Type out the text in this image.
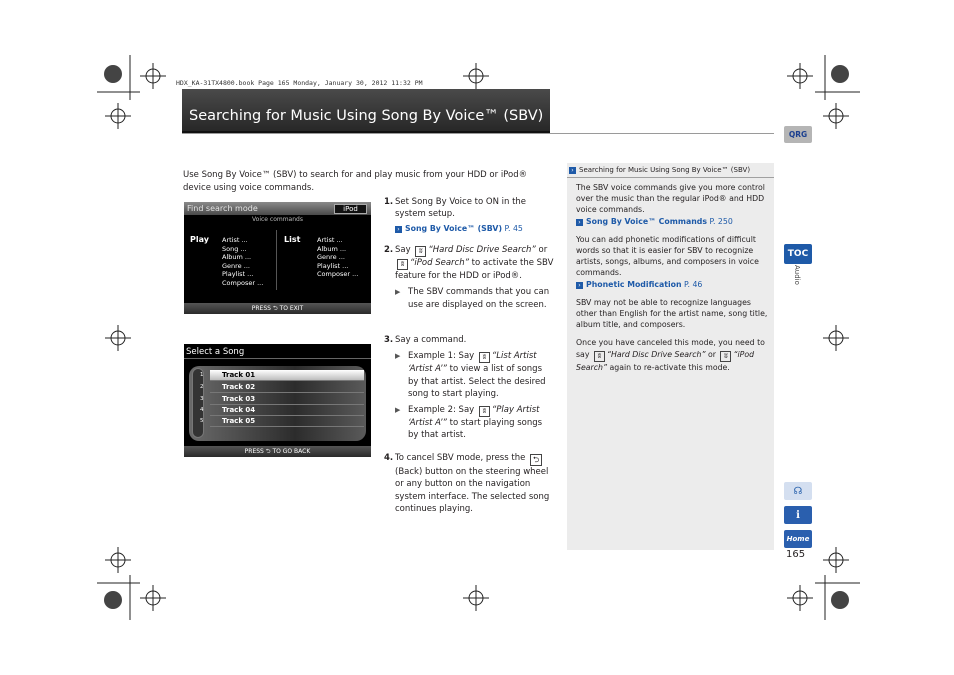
HDX_KA-31TX4800.book Page 165 Monday, January 30, 2012 11:32 PM
Searching for Music Using Song By Voice™ (SBV)
QRG
TOC
Audio
☊
i
Home
165
Use Song By Voice™ (SBV) to search for and play music from your HDD or iPod® device using voice commands.
Find search mode	iPod
Voice commands
Play Artist ...
Song ...
Album ...
Genre ...
Playlist ...
Composer ...
List	Artist ...
Album ...
Genre ...
Playlist ...
Composer ...
PRESS ⮌ TO EXIT
Select a Song
1	Track 01
2	Track 02
3	Track 03
4	Track 04
5	Track 05
PRESS ⮌ TO GO BACK
1. Set Song By Voice to ON in the system setup.
› Song By Voice™ (SBV) P. 45
2. Say ʬ “Hard Disc Drive Search” or ʬ “iPod Search” to activate the SBV feature for the HDD or iPod®.
▶ The SBV commands that you can use are displayed on the screen.
3. Say a command.
▶ Example 1: Say ʬ “List Artist ‘Artist A’” to view a list of songs by that artist. Select the desired song to start playing.
▶ Example 2: Say ʬ “Play Artist ‘Artist A’” to start playing songs by that artist.
4. To cancel SBV mode, press the ⮌ (Back) button on the steering wheel or any button on the navigation system interface. The selected song continues playing.
› Searching for Music Using Song By Voice™ (SBV)

The SBV voice commands give you more control over the music than the regular iPod® and HDD voice commands.
› Song By Voice™ Commands P. 250

You can add phonetic modifications of difficult words so that it is easier for SBV to recognize artists, songs, albums, and composers in voice commands.
› Phonetic Modification P. 46

SBV may not be able to recognize languages other than English for the artist name, song title, album title, and composers.

Once you have canceled this mode, you need to say ʬ “Hard Disc Drive Search” or ʬ “iPod Search” again to re-activate this mode.
